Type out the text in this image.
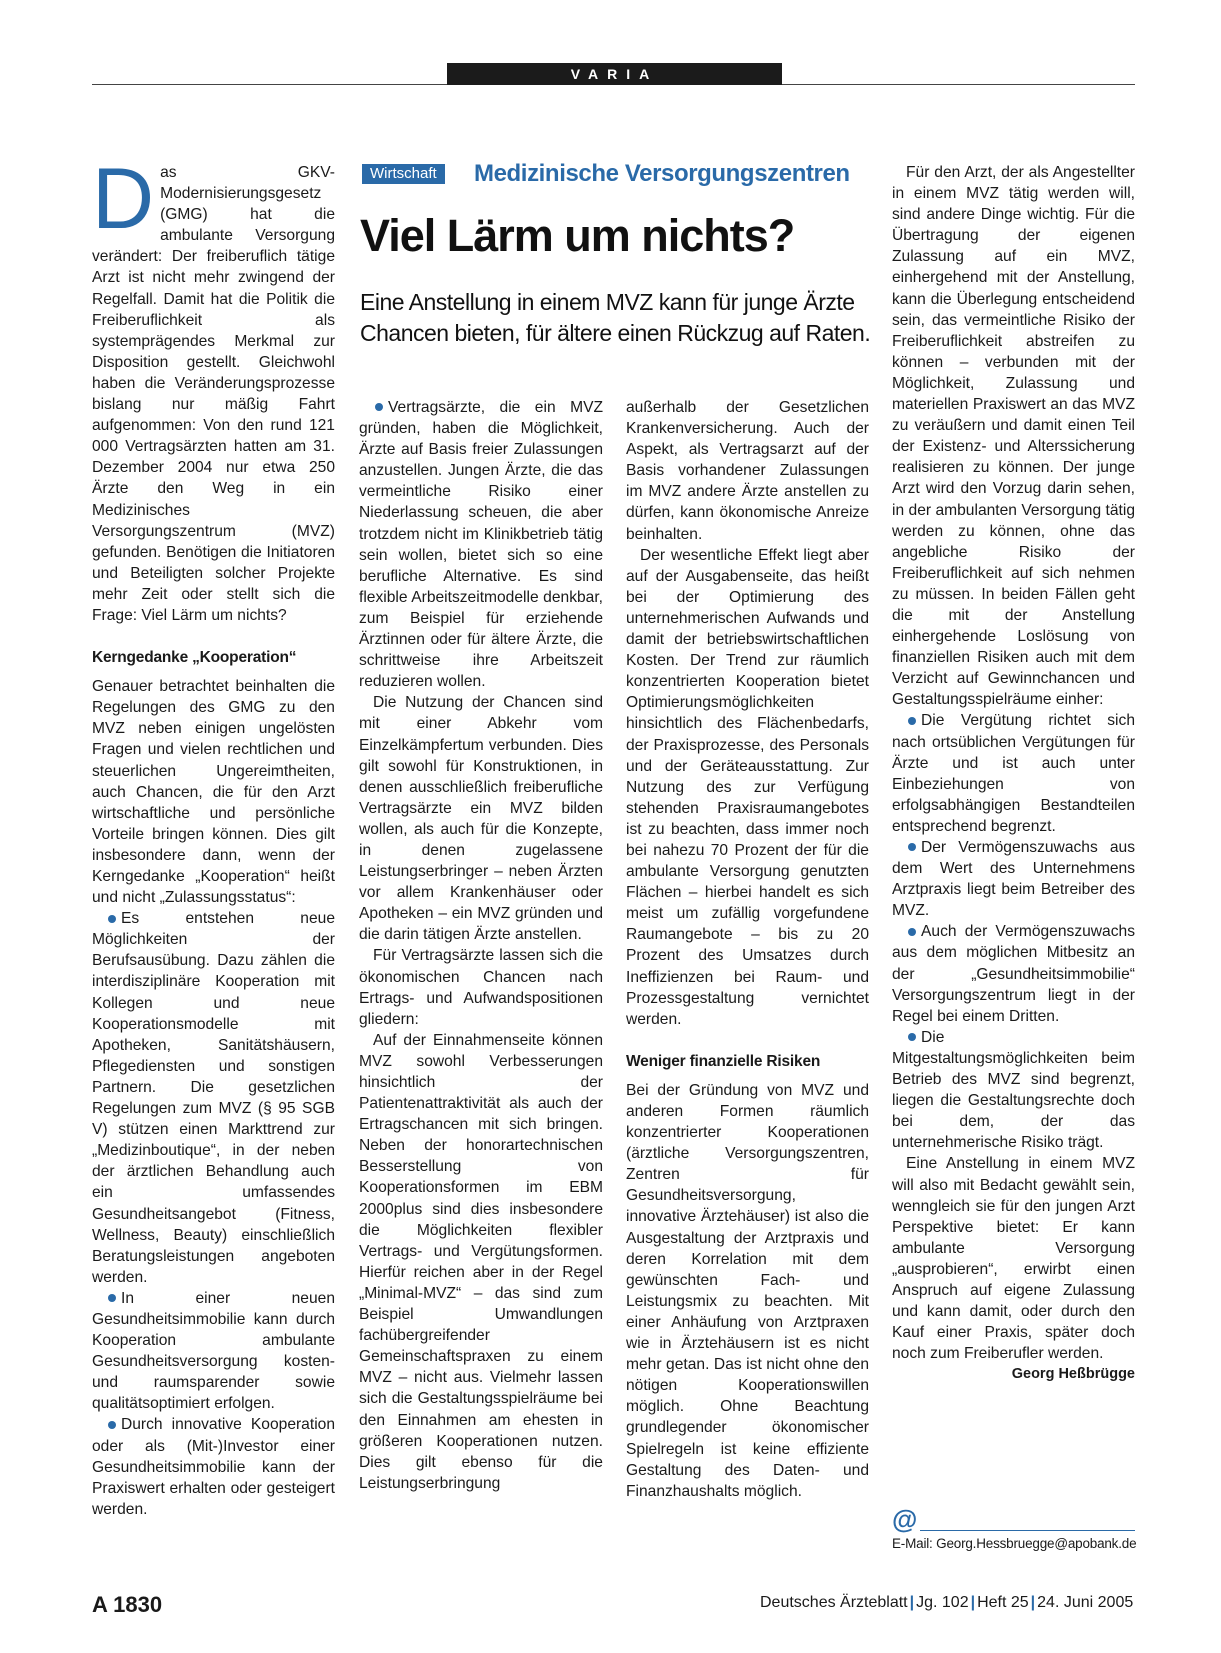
VARIA
Wirtschaft	Medizinische Versorgungszentren
Viel Lärm um nichts?
Eine Anstellung in einem MVZ kann für junge Ärzte Chancen bieten, für ältere einen Rückzug auf Raten.

Das GKV-Modernisierungsgesetz (GMG) hat die ambulante Versorgung verändert: Der freiberuflich tätige Arzt ist nicht mehr zwingend der Regelfall. Damit hat die Politik die Freiberuflichkeit als systemprägendes Merkmal zur Disposition gestellt. Gleichwohl haben die Veränderungsprozesse bislang nur mäßig Fahrt aufgenommen: Von den rund 121 000 Vertragsärzten hatten am 31. Dezember 2004 nur etwa 250 Ärzte den Weg in ein Medizinisches Versorgungszentrum (MVZ) gefunden. Benötigen die Initiatoren und Beteiligten solcher Projekte mehr Zeit oder stellt sich die Frage: Viel Lärm um nichts?

Kerngedanke „Kooperation“

Genauer betrachtet beinhalten die Regelungen des GMG zu den MVZ neben einigen ungelösten Fragen und vielen rechtlichen und steuerlichen Ungereimtheiten, auch Chancen, die für den Arzt wirtschaftliche und persönliche Vorteile bringen können. Dies gilt insbesondere dann, wenn der Kerngedanke „Kooperation“ heißt und nicht „Zulassungsstatus“:

Es entstehen neue Möglichkeiten der Berufsausübung. Dazu zählen die interdisziplinäre Kooperation mit Kollegen und neue Kooperationsmodelle mit Apotheken, Sanitätshäusern, Pflegediensten und sonstigen Partnern. Die gesetzlichen Regelungen zum MVZ (§ 95 SGB V) stützen einen Markttrend zur „Medizinboutique“, in der neben der ärztlichen Behandlung auch ein umfassendes Gesundheitsangebot (Fitness, Wellness, Beauty) einschließlich Beratungsleistungen angeboten werden.

In einer neuen Gesundheitsimmobilie kann durch Kooperation ambulante Gesundheitsversorgung kosten- und raumsparender sowie qualitätsoptimiert erfolgen.

Durch innovative Kooperation oder als (Mit-)Investor einer Gesundheitsimmobilie kann der Praxiswert erhalten oder gesteigert werden.

Vertragsärzte, die ein MVZ gründen, haben die Möglichkeit, Ärzte auf Basis freier Zulassungen anzustellen. Jungen Ärzte, die das vermeintliche Risiko einer Niederlassung scheuen, die aber trotzdem nicht im Klinikbetrieb tätig sein wollen, bietet sich so eine berufliche Alternative. Es sind flexible Arbeitszeitmodelle denkbar, zum Beispiel für erziehende Ärztinnen oder für ältere Ärzte, die schrittweise ihre Arbeitszeit reduzieren wollen.

Die Nutzung der Chancen sind mit einer Abkehr vom Einzelkämpfertum verbunden. Dies gilt sowohl für Konstruktionen, in denen ausschließlich freiberufliche Vertragsärzte ein MVZ bilden wollen, als auch für die Konzepte, in denen zugelassene Leistungserbringer – neben Ärzten vor allem Krankenhäuser oder Apotheken – ein MVZ gründen und die darin tätigen Ärzte anstellen.

Für Vertragsärzte lassen sich die ökonomischen Chancen nach Ertrags- und Aufwandspositionen gliedern:

Auf der Einnahmenseite können MVZ sowohl Verbesserungen hinsichtlich der Patientenattraktivität als auch der Ertragschancen mit sich bringen. Neben der honorartechnischen Besserstellung von Kooperationsformen im EBM 2000plus sind dies insbesondere die Möglichkeiten flexibler Vertrags- und Vergütungsformen. Hierfür reichen aber in der Regel „Minimal-MVZ“ – das sind zum Beispiel Umwandlungen fachübergreifender Gemeinschaftspraxen zu einem MVZ – nicht aus. Vielmehr lassen sich die Gestaltungsspielräume bei den Einnahmen am ehesten in größeren Kooperationen nutzen. Dies gilt ebenso für die Leistungserbringung

außerhalb der Gesetzlichen Krankenversicherung. Auch der Aspekt, als Vertragsarzt auf der Basis vorhandener Zulassungen im MVZ andere Ärzte anstellen zu dürfen, kann ökonomische Anreize beinhalten.

Der wesentliche Effekt liegt aber auf der Ausgabenseite, das heißt bei der Optimierung des unternehmerischen Aufwands und damit der betriebswirtschaftlichen Kosten. Der Trend zur räumlich konzentrierten Kooperation bietet Optimierungsmöglichkeiten hinsichtlich des Flächenbedarfs, der Praxisprozesse, des Personals und der Geräteausstattung. Zur Nutzung des zur Verfügung stehenden Praxisraumangebotes ist zu beachten, dass immer noch bei nahezu 70 Prozent der für die ambulante Versorgung genutzten Flächen – hierbei handelt es sich meist um zufällig vorgefundene Raumangebote – bis zu 20 Prozent des Umsatzes durch Ineffizienzen bei Raum- und Prozessgestaltung vernichtet werden.

Weniger finanzielle Risiken

Bei der Gründung von MVZ und anderen Formen räumlich konzentrierter Kooperationen (ärztliche Versorgungszentren, Zentren für Gesundheitsversorgung, innovative Ärztehäuser) ist also die Ausgestaltung der Arztpraxis und deren Korrelation mit dem gewünschten Fach- und Leistungsmix zu beachten. Mit einer Anhäufung von Arztpraxen wie in Ärztehäusern ist es nicht mehr getan. Das ist nicht ohne den nötigen Kooperationswillen möglich. Ohne Beachtung grundlegender ökonomischer Spielregeln ist keine effiziente Gestaltung des Daten- und Finanzhaushalts möglich.

Für den Arzt, der als Angestellter in einem MVZ tätig werden will, sind andere Dinge wichtig. Für die Übertragung der eigenen Zulassung auf ein MVZ, einhergehend mit der Anstellung, kann die Überlegung entscheidend sein, das vermeintliche Risiko der Freiberuflichkeit abstreifen zu können – verbunden mit der Möglichkeit, Zulassung und materiellen Praxiswert an das MVZ zu veräußern und damit einen Teil der Existenz- und Alterssicherung realisieren zu können. Der junge Arzt wird den Vorzug darin sehen, in der ambulanten Versorgung tätig werden zu können, ohne das angebliche Risiko der Freiberuflichkeit auf sich nehmen zu müssen. In beiden Fällen geht die mit der Anstellung einhergehende Loslösung von finanziellen Risiken auch mit dem Verzicht auf Gewinnchancen und Gestaltungsspielräume einher:

Die Vergütung richtet sich nach ortsüblichen Vergütungen für Ärzte und ist auch unter Einbeziehungen von erfolgsabhängigen Bestandteilen entsprechend begrenzt.

Der Vermögenszuwachs aus dem Wert des Unternehmens Arztpraxis liegt beim Betreiber des MVZ.

Auch der Vermögenszuwachs aus dem möglichen Mitbesitz an der „Gesundheitsimmobilie“ Versorgungszentrum liegt in der Regel bei einem Dritten.

Die Mitgestaltungsmöglichkeiten beim Betrieb des MVZ sind begrenzt, liegen die Gestaltungsrechte doch bei dem, der das unternehmerische Risiko trägt.

Eine Anstellung in einem MVZ will also mit Bedacht gewählt sein, wenngleich sie für den jungen Arzt Perspektive bietet: Er kann ambulante Versorgung „ausprobieren“, erwirbt einen Anspruch auf eigene Zulassung und kann damit, oder durch den Kauf einer Praxis, später doch noch zum Freiberufler werden.

Georg Heßbrügge
@
E-Mail: Georg.Hessbruegge@apobank.de
A 1830	Deutsches Ärzteblatt | Jg. 102 | Heft 25 | 24. Juni 2005
